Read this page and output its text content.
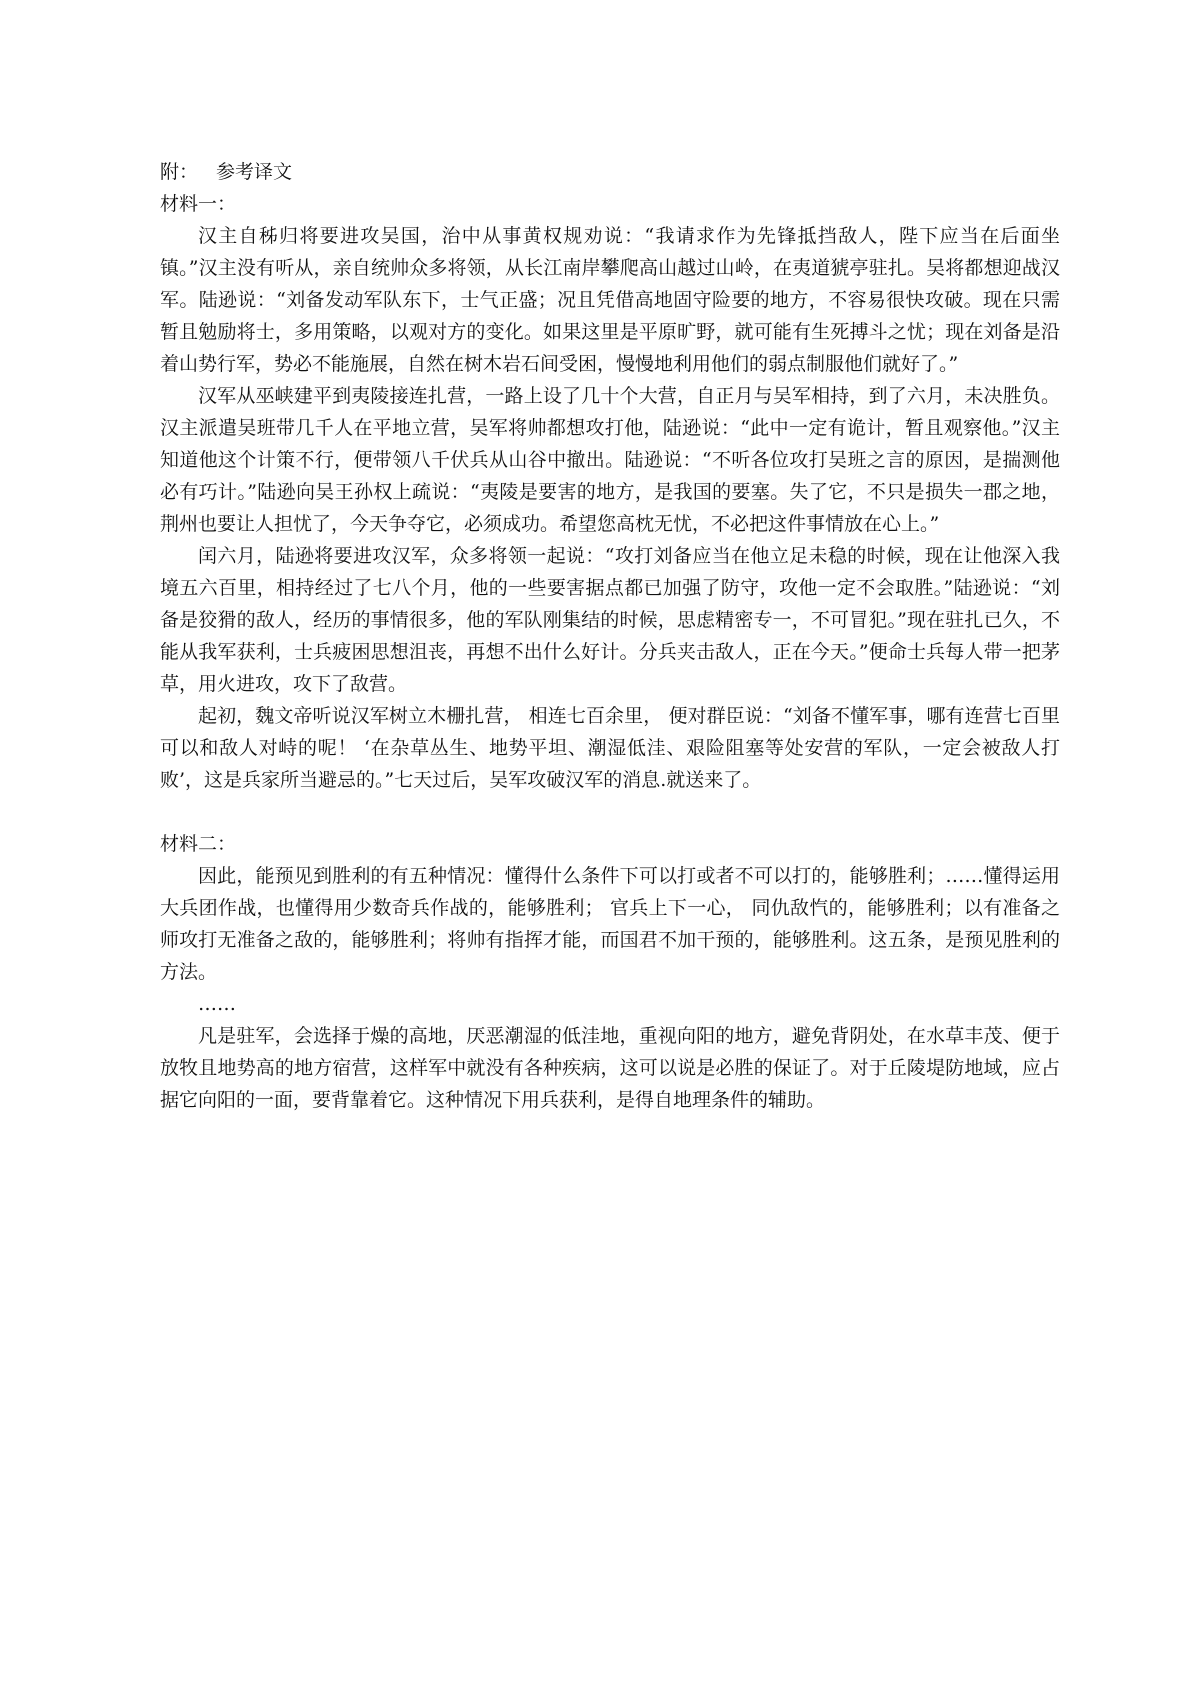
附： 参考译文

材料一：

汉主自秭归将要进攻吴国，治中从事黄权规劝说：“我请求作为先锋抵挡敌人，陛下应当在后面坐镇。”汉主没有听从，亲自统帅众多将领，从长江南岸攀爬高山越过山岭，在夷道猇亭驻扎。吴将都想迎战汉军。陆逊说：“刘备发动军队东下，士气正盛；况且凭借高地固守险要的地方，不容易很快攻破。现在只需暂且勉励将士，多用策略，以观对方的变化。如果这里是平原旷野，就可能有生死搏斗之忧；现在刘备是沿着山势行军，势必不能施展，自然在树木岩石间受困，慢慢地利用他们的弱点制服他们就好了。”

汉军从巫峡建平到夷陵接连扎营，一路上设了几十个大营，自正月与吴军相持，到了六月，未决胜负。汉主派遣吴班带几千人在平地立营，吴军将帅都想攻打他，陆逊说：“此中一定有诡计，暂且观察他。”汉主知道他这个计策不行，便带领八千伏兵从山谷中撤出。陆逊说：“不听各位攻打吴班之言的原因，是揣测他必有巧计。”陆逊向吴王孙权上疏说：“夷陵是要害的地方，是我国的要塞。失了它，不只是损失一郡之地，荆州也要让人担忧了，今天争夺它，必须成功。希望您高枕无忧，不必把这件事情放在心上。”

闰六月，陆逊将要进攻汉军，众多将领一起说：“攻打刘备应当在他立足未稳的时候，现在让他深入我境五六百里，相持经过了七八个月，他的一些要害据点都已加强了防守，攻他一定不会取胜。”陆逊说：“刘备是狡猾的敌人，经历的事情很多，他的军队刚集结的时候，思虑精密专一，不可冒犯。”现在驻扎已久，不能从我军获利，士兵疲困思想沮丧，再想不出什么好计。分兵夹击敌人，正在今天。”便命士兵每人带一把茅草，用火进攻，攻下了敌营。

起初，魏文帝听说汉军树立木栅扎营， 相连七百余里， 便对群臣说：“刘备不懂军事，哪有连营七百里可以和敌人对峙的呢！ ‘在杂草丛生、地势平坦、潮湿低洼、艰险阻塞等处安营的军队，一定会被敌人打败’，这是兵家所当避忌的。”七天过后，吴军攻破汉军的消息.就送来了。

材料二：

因此，能预见到胜利的有五种情况：懂得什么条件下可以打或者不可以打的，能够胜利；……懂得运用大兵团作战，也懂得用少数奇兵作战的，能够胜利； 官兵上下一心， 同仇敌忾的，能够胜利；以有准备之师攻打无准备之敌的，能够胜利；将帅有指挥才能，而国君不加干预的，能够胜利。这五条，是预见胜利的方法。

……

凡是驻军，会选择于燥的高地，厌恶潮湿的低洼地，重视向阳的地方，避免背阴处，在水草丰茂、便于放牧且地势高的地方宿营，这样军中就没有各种疾病，这可以说是必胜的保证了。对于丘陵堤防地域，应占据它向阳的一面，要背靠着它。这种情况下用兵获利，是得自地理条件的辅助。
